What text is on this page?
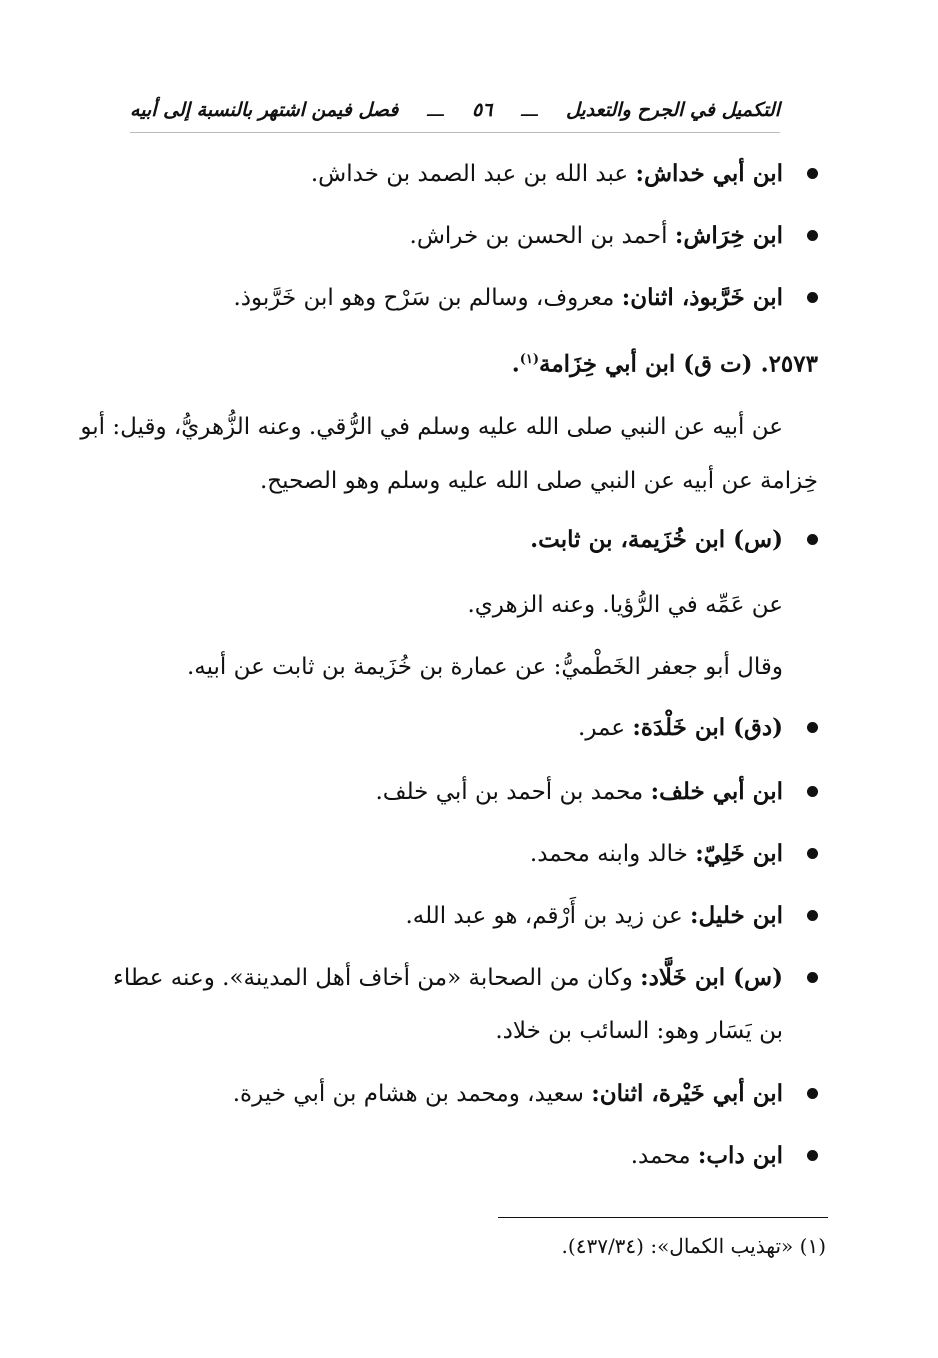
التكميل في الجرح والتعديل
ـــ
٥٦
ـــ
فصل فيمن اشتهر بالنسبة إلى أبيه
ابن أبي خداش: عبد الله بن عبد الصمد بن خداش.
ابن خِرَاش: أحمد بن الحسن بن خراش.
ابن خَرَّبوذ، اثنان: معروف، وسالم بن سَرْح وهو ابن خَرَّبوذ.
٢٥٧٣. (ت ق) ابن أبي خِزَامة$^{(١)}$.
عن أبيه عن النبي صلى الله عليه وسلم في الرُّقي. وعنه الزُّهريُّ، وقيل: أبو
خِزامة عن أبيه عن النبي صلى الله عليه وسلم وهو الصحيح.
(س) ابن خُزَيمة، بن ثابت.
عن عَمِّه في الرُّؤيا. وعنه الزهري.
وقال أبو جعفر الخَطْميُّ: عن عمارة بن خُزَيمة بن ثابت عن أبيه.
(دق) ابن خَلْدَة: عمر.
ابن أبي خلف: محمد بن أحمد بن أبي خلف.
ابن خَلِيّ: خالد وابنه محمد.
ابن خليل: عن زيد بن أَرْقم، هو عبد الله.
(س) ابن خَلَّاد: وكان من الصحابة «من أخاف أهل المدينة». وعنه عطاء
بن يَسَار وهو: السائب بن خلاد.
ابن أبي خَيْرة، اثنان: سعيد، ومحمد بن هشام بن أبي خيرة.
ابن داب: محمد.
(١) «تهذيب الكمال»: (٤٣٧/٣٤).
